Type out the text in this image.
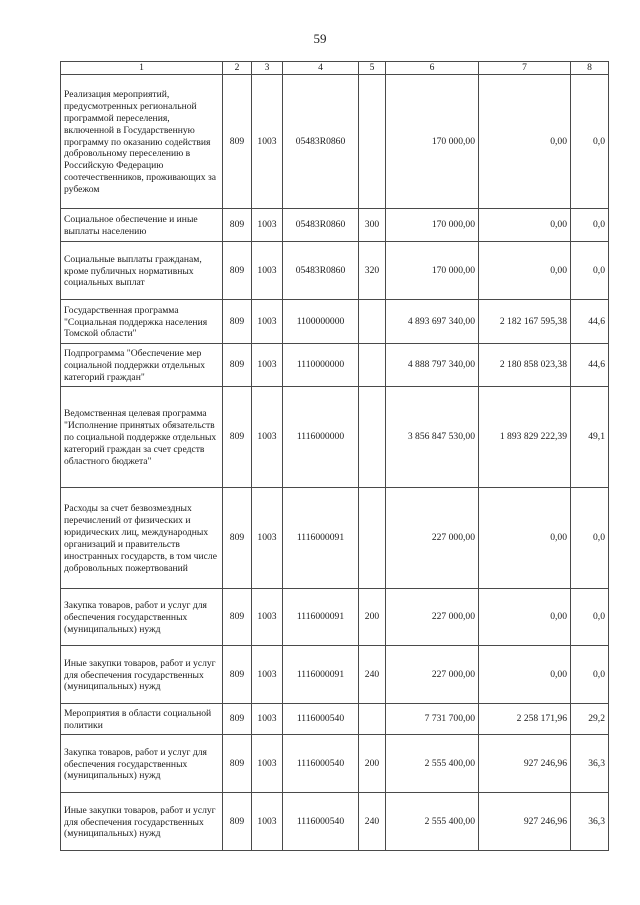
59
1	2	3	4	5	6	7	8

Реализация мероприятий, предусмотренных региональной программой переселения, включенной в Государственную программу по оказанию содействия добровольному переселению в Российскую Федерацию соотечественников, проживающих за рубежом	809	1003	05483R0860		170 000,00	0,00	0,0

Социальное обеспечение и иные выплаты населению	809	1003	05483R0860	300	170 000,00	0,00	0,0

Социальные выплаты гражданам, кроме публичных нормативных социальных выплат	809	1003	05483R0860	320	170 000,00	0,00	0,0

Государственная программа "Социальная поддержка населения Томской области"	809	1003	1100000000		4 893 697 340,00	2 182 167 595,38	44,6

Подпрограмма "Обеспечение мер социальной поддержки отдельных категорий граждан"	809	1003	1110000000		4 888 797 340,00	2 180 858 023,38	44,6

Ведомственная целевая программа "Исполнение принятых обязательств по социальной поддержке отдельных категорий граждан за счет средств областного бюджета"	809	1003	1116000000		3 856 847 530,00	1 893 829 222,39	49,1

Расходы за счет безвозмездных перечислений от физических и юридических лиц, международных организаций и правительств иностранных государств, в том числе добровольных пожертвований	809	1003	1116000091		227 000,00	0,00	0,0

Закупка товаров, работ и услуг для обеспечения государственных (муниципальных) нужд	809	1003	1116000091	200	227 000,00	0,00	0,0

Иные закупки товаров, работ и услуг для обеспечения государственных (муниципальных) нужд	809	1003	1116000091	240	227 000,00	0,00	0,0

Мероприятия в области социальной политики	809	1003	1116000540		7 731 700,00	2 258 171,96	29,2

Закупка товаров, работ и услуг для обеспечения государственных (муниципальных) нужд	809	1003	1116000540	200	2 555 400,00	927 246,96	36,3

Иные закупки товаров, работ и услуг для обеспечения государственных (муниципальных) нужд	809	1003	1116000540	240	2 555 400,00	927 246,96	36,3
